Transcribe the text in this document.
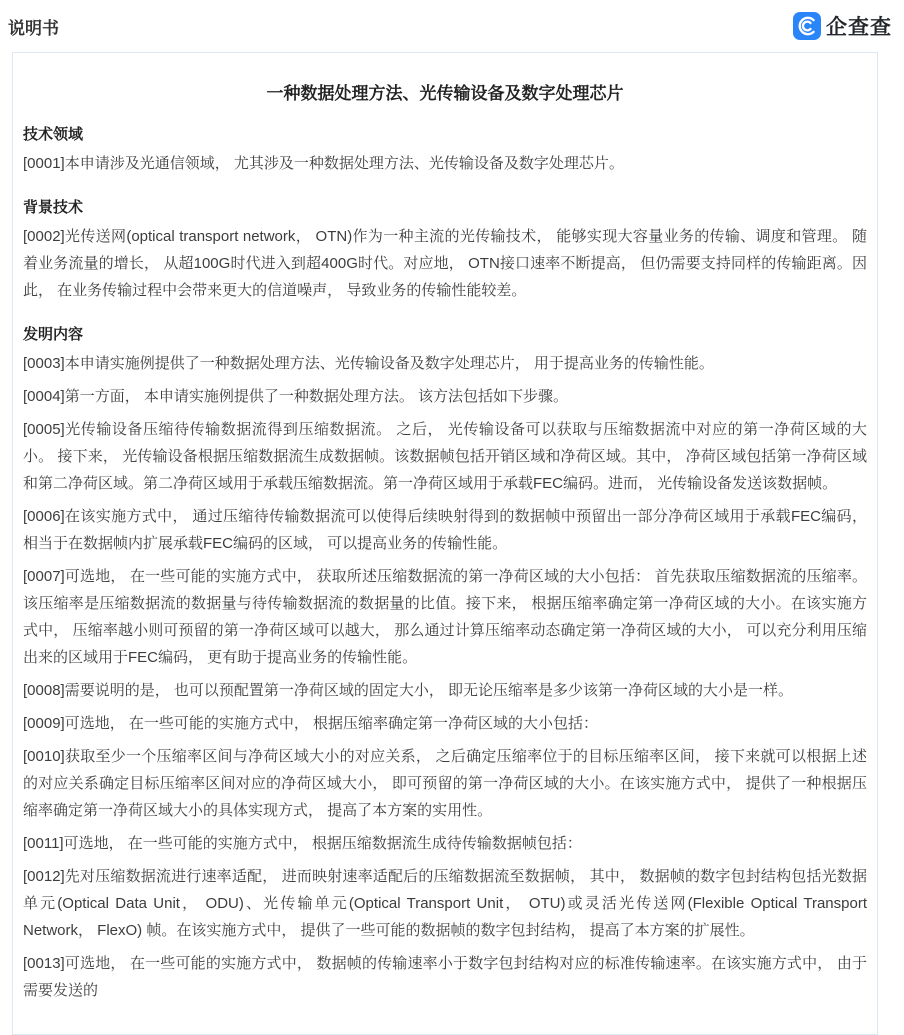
说明书	企查查
一种数据处理方法、光传输设备及数字处理芯片
技术领域

[0001]本申请涉及光通信领域， 尤其涉及一种数据处理方法、光传输设备及数字处理芯片。

背景技术

[0002]光传送网(optical transport network， OTN)作为一种主流的光传输技术， 能够实现大容量业务的传输、调度和管理。 随着业务流量的增长， 从超100G时代进入到超400G时代。对应地， OTN接口速率不断提高， 但仍需要支持同样的传输距离。因此， 在业务传输过程中会带来更大的信道噪声， 导致业务的传输性能较差。

发明内容

[0003]本申请实施例提供了一种数据处理方法、光传输设备及数字处理芯片， 用于提高业务的传输性能。

[0004]第一方面， 本申请实施例提供了一种数据处理方法。 该方法包括如下步骤。

[0005]光传输设备压缩待传输数据流得到压缩数据流。 之后， 光传输设备可以获取与压缩数据流中对应的第一净荷区域的大小。 接下来， 光传输设备根据压缩数据流生成数据帧。该数据帧包括开销区域和净荷区域。其中， 净荷区域包括第一净荷区域和第二净荷区域。第二净荷区域用于承载压缩数据流。第一净荷区域用于承载FEC编码。进而， 光传输设备发送该数据帧。

[0006]在该实施方式中， 通过压缩待传输数据流可以使得后续映射得到的数据帧中预留出一部分净荷区域用于承载FEC编码， 相当于在数据帧内扩展承载FEC编码的区域， 可以提高业务的传输性能。

[0007]可选地， 在一些可能的实施方式中， 获取所述压缩数据流的第一净荷区域的大小包括： 首先获取压缩数据流的压缩率。该压缩率是压缩数据流的数据量与待传输数据流的数据量的比值。接下来， 根据压缩率确定第一净荷区域的大小。在该实施方式中， 压缩率越小则可预留的第一净荷区域可以越大， 那么通过计算压缩率动态确定第一净荷区域的大小， 可以充分利用压缩出来的区域用于FEC编码， 更有助于提高业务的传输性能。

[0008]需要说明的是， 也可以预配置第一净荷区域的固定大小， 即无论压缩率是多少该第一净荷区域的大小是一样。

[0009]可选地， 在一些可能的实施方式中， 根据压缩率确定第一净荷区域的大小包括：

[0010]获取至少一个压缩率区间与净荷区域大小的对应关系， 之后确定压缩率位于的目标压缩率区间， 接下来就可以根据上述的对应关系确定目标压缩率区间对应的净荷区域大小， 即可预留的第一净荷区域的大小。在该实施方式中， 提供了一种根据压缩率确定第一净荷区域大小的具体实现方式， 提高了本方案的实用性。

[0011]可选地， 在一些可能的实施方式中， 根据压缩数据流生成待传输数据帧包括：

[0012]先对压缩数据流进行速率适配， 进而映射速率适配后的压缩数据流至数据帧， 其中， 数据帧的数字包封结构包括光数据单元(Optical Data Unit， ODU)、光传输单元(Optical Transport Unit， OTU)或灵活光传送网(Flexible Optical Transport Network， FlexO) 帧。在该实施方式中， 提供了一些可能的数据帧的数字包封结构， 提高了本方案的扩展性。

[0013]可选地， 在一些可能的实施方式中， 数据帧的传输速率小于数字包封结构对应的标准传输速率。在该实施方式中， 由于需要发送的
